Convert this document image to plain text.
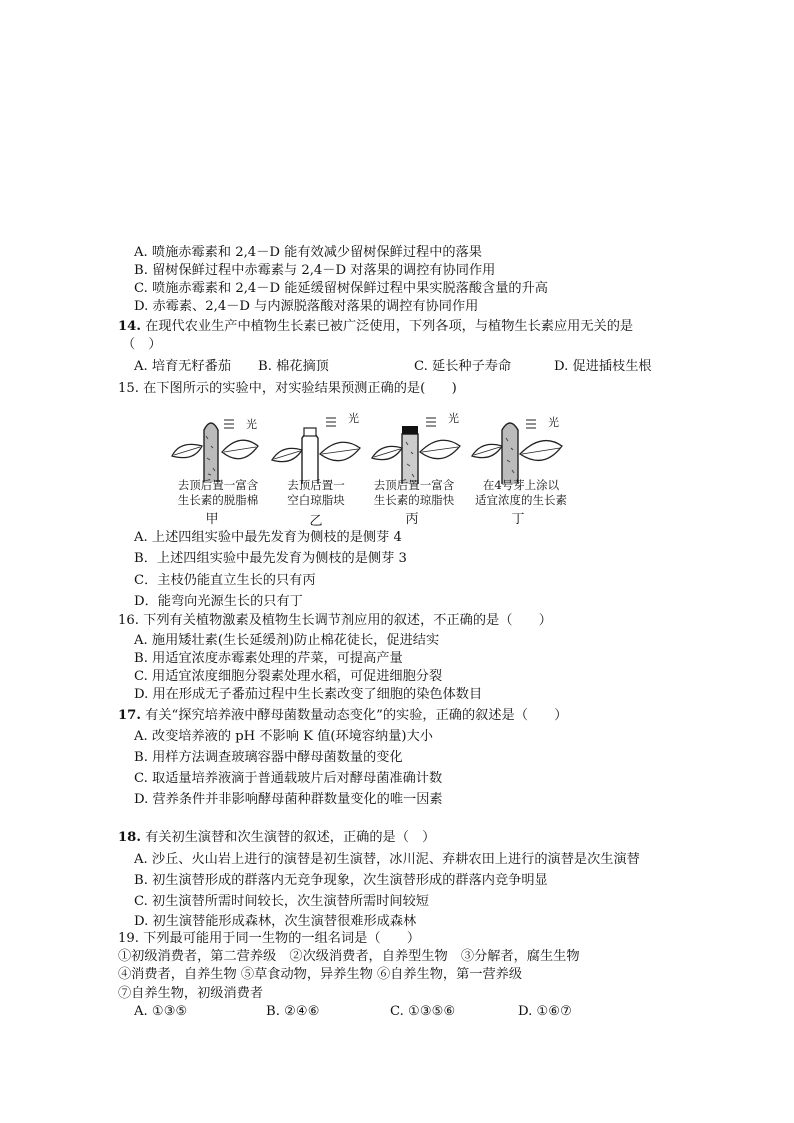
A. 喷施赤霉素和 2,4－D 能有效减少留树保鲜过程中的落果
B. 留树保鲜过程中赤霉素与 2,4－D 对落果的调控有协同作用
C. 喷施赤霉素和 2,4－D 能延缓留树保鲜过程中果实脱落酸含量的升高
D. 赤霉素、2,4－D 与内源脱落酸对落果的调控有协同作用
14. 在现代农业生产中植物生长素已被广泛使用，下列各项，与植物生长素应用无关的是
（　）
A. 培育无籽番茄 B. 棉花摘顶	C. 延长种子寿命	D. 促进插枝生根
15. 在下图所示的实验中，对实验结果预测正确的是(　　)
光	光	光	光
去顶后置一富含
生长素的脱脂棉
去顶后置一
空白琼脂块
去顶后置一富含
生长素的琼脂快
在4号芽上涂以
适宜浓度的生长素
甲	乙	丙	丁
A. 上述四组实验中最先发育为侧枝的是侧芽 4
B．上述四组实验中最先发育为侧枝的是侧芽 3
C．主枝仍能直立生长的只有丙
D．能弯向光源生长的只有丁
16. 下列有关植物激素及植物生长调节剂应用的叙述，不正确的是（　　）
A. 施用矮壮素(生长延缓剂)防止棉花徒长，促进结实
B. 用适宜浓度赤霉素处理的芹菜，可提高产量
C. 用适宜浓度细胞分裂素处理水稻，可促进细胞分裂
D. 用在形成无子番茄过程中生长素改变了细胞的染色体数目
17. 有关“探究培养液中酵母菌数量动态变化”的实验，正确的叙述是（　　）
A. 改变培养液的 pH 不影响 K 值(环境容纳量)大小
B. 用样方法调查玻璃容器中酵母菌数量的变化
C. 取适量培养液滴于普通载玻片后对酵母菌准确计数
D. 营养条件并非影响酵母菌种群数量变化的唯一因素
18. 有关初生演替和次生演替的叙述，正确的是（　）
A. 沙丘、火山岩上进行的演替是初生演替，冰川泥、弃耕农田上进行的演替是次生演替
B. 初生演替形成的群落内无竞争现象，次生演替形成的群落内竞争明显
C. 初生演替所需时间较长，次生演替所需时间较短
D. 初生演替能形成森林，次生演替很难形成森林
19. 下列最可能用于同一生物的一组名词是（　　）
①初级消费者，第二营养级　②次级消费者，自养型生物　③分解者，腐生生物
④消费者，自养生物 ⑤草食动物，异养生物 ⑥自养生物，第一营养级
⑦自养生物，初级消费者
A. ①③⑤	B. ②④⑥	C. ①③⑤⑥	D. ①⑥⑦
